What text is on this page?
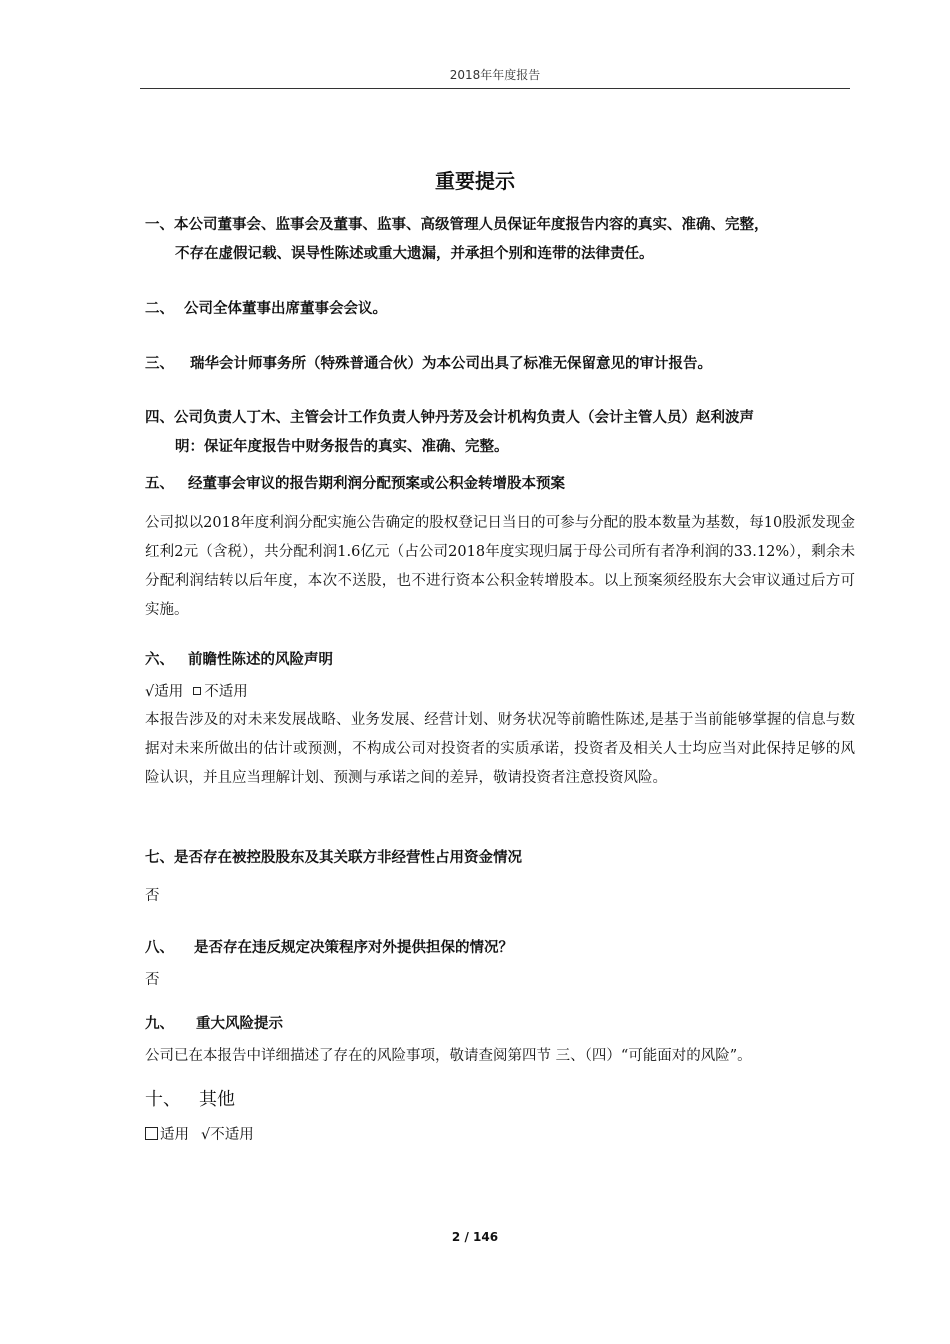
2018年年度报告
重要提示
一、本公司董事会、监事会及董事、监事、高级管理人员保证年度报告内容的真实、准确、完整，
不存在虚假记载、误导性陈述或重大遗漏，并承担个别和连带的法律责任。
二、 公司全体董事出席董事会会议。
三、 瑞华会计师事务所（特殊普通合伙）为本公司出具了标准无保留意见的审计报告。
四、公司负责人丁木、主管会计工作负责人钟丹芳及会计机构负责人（会计主管人员）赵利波声
明：保证年度报告中财务报告的真实、准确、完整。
五、 经董事会审议的报告期利润分配预案或公积金转增股本预案
公司拟以2018年度利润分配实施公告确定的股权登记日当日的可参与分配的股本数量为基数，每10股派发现金红利2元（含税），共分配利润1.6亿元（占公司2018年度实现归属于母公司所有者净利润的33.12%），剩余未分配利润结转以后年度，本次不送股，也不进行资本公积金转增股本。以上预案须经股东大会审议通过后方可实施。
六、 前瞻性陈述的风险声明
√适用 不适用
本报告涉及的对未来发展战略、业务发展、经营计划、财务状况等前瞻性陈述,是基于当前能够掌握的信息与数据对未来所做出的估计或预测，不构成公司对投资者的实质承诺，投资者及相关人士均应当对此保持足够的风险认识，并且应当理解计划、预测与承诺之间的差异，敬请投资者注意投资风险。
七、是否存在被控股股东及其关联方非经营性占用资金情况
否
八、 是否存在违反规定决策程序对外提供担保的情况？
否
九、 重大风险提示
公司已在本报告中详细描述了存在的风险事项，敬请查阅第四节 三、（四）“可能面对的风险”。
十、 其他
适用 √不适用
2 / 146
